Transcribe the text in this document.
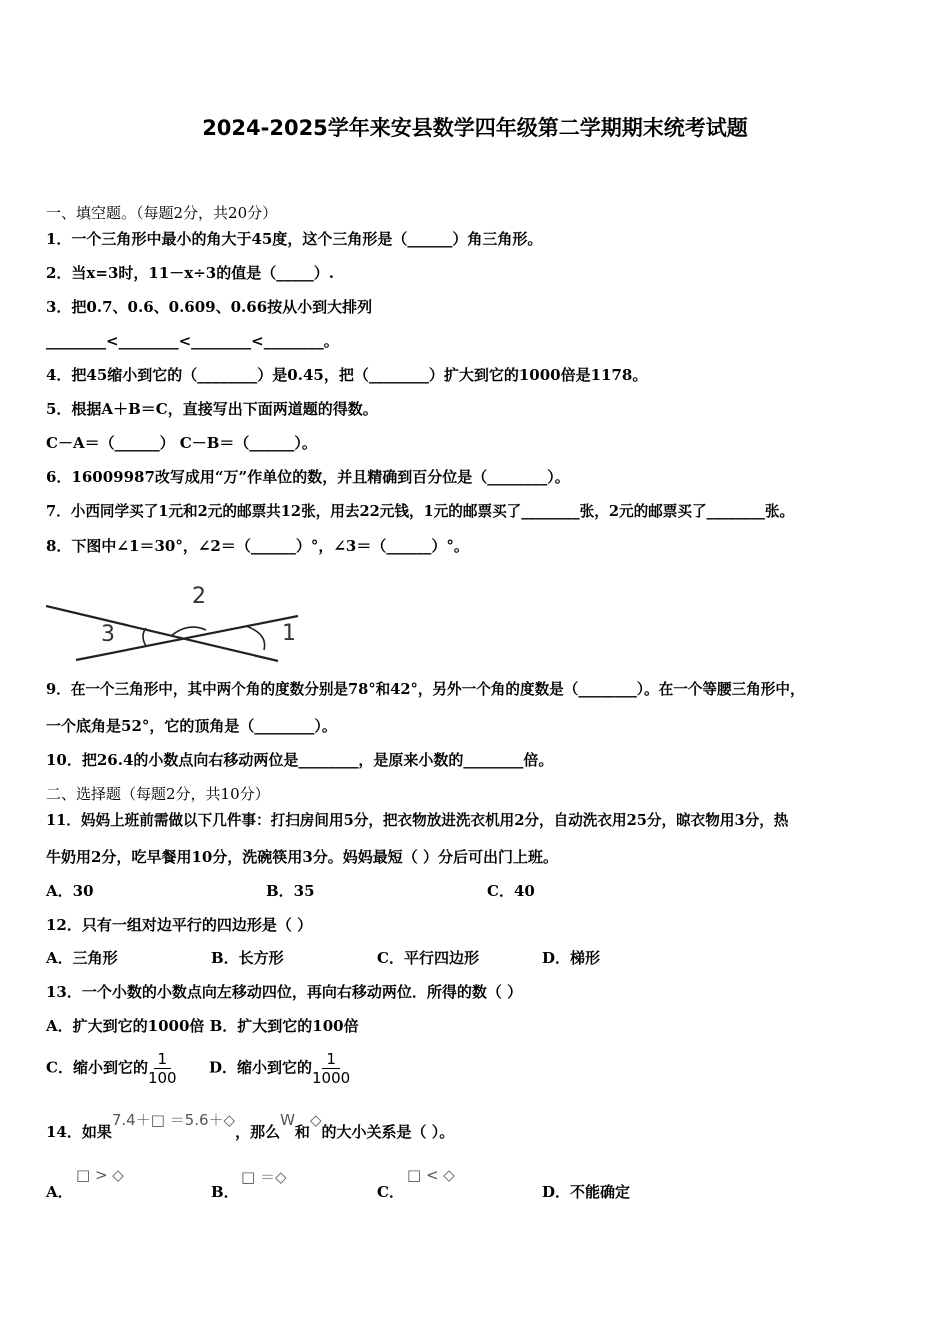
2024-2025学年来安县数学四年级第二学期期末统考试题
一、填空题。（每题2分，共20分）
1．一个三角形中最小的角大于45度，这个三角形是（______）角三角形。
2．当x=3时，11－x÷3的值是（_____）.
3．把0.7、0.6、0.609、0.66按从小到大排列
________<________<________<________。
4．把45缩小到它的（________）是0.45，把（________）扩大到它的1000倍是1178。
5．根据A＋B＝C，直接写出下面两道题的得数。
C－A＝（______） C－B＝（______）。
6．16009987改写成用“万”作单位的数，并且精确到百分位是（________）。
7．小西同学买了1元和2元的邮票共12张，用去22元钱，1元的邮票买了________张，2元的邮票买了________张。
8．下图中∠1＝30°，∠2＝（______）°，∠3＝（______）°。
2
3	1
9．在一个三角形中，其中两个角的度数分别是78°和42°，另外一个角的度数是（________）。在一个等腰三角形中，
一个底角是52°，它的顶角是（________）。
10．把26.4的小数点向右移动两位是________，是原来小数的________倍。
二、选择题（每题2分，共10分）
11．妈妈上班前需做以下几件事：打扫房间用5分，把衣物放进洗衣机用2分，自动洗衣用25分，晾衣物用3分，热
牛奶用2分，吃早餐用10分，洗碗筷用3分。妈妈最短（ ）分后可出门上班。
A．30	B．35	C．40
12．只有一组对边平行的四边形是（ ）
A．三角形	B．长方形	C．平行四边形	D．梯形
13．一个小数的小数点向左移动四位，再向右移动两位．所得的数（ ）
A．扩大到它的1000倍 B．扩大到它的100倍
C．缩小到它的 $\frac{1}{100}$ D．缩小到它的 $\frac{1}{1000}$
14．如果7.4＋□ ＝5.6＋◇，那么W和◇的大小关系是（ ）。
A．
□ > ◇
B．
□ ＝◇
C．
□ < ◇
D．不能确定
